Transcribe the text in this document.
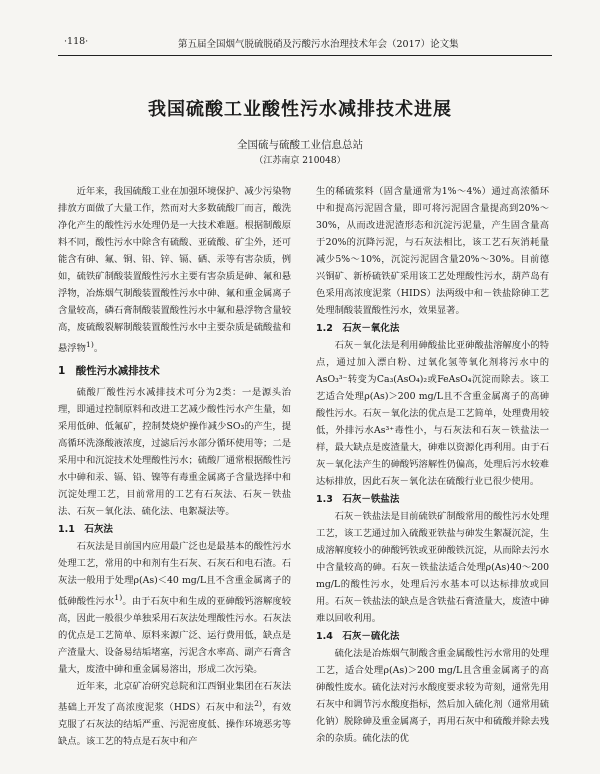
·118·	第五届全国烟气脱硫脱硝及污酸污水治理技术年会（2017）论文集
我国硫酸工业酸性污水减排技术进展
全国硫与硫酸工业信息总站
（江苏南京 210048）

近年来，我国硫酸工业在加强环境保护、减少污染物排放方面做了大量工作，然而对大多数硫酸厂而言，酸洗净化产生的酸性污水处理仍是一大技术难题。根据制酸原料不同，酸性污水中除含有硫酸、亚硫酸、矿尘外，还可能含有砷、氟、铜、铅、锌、镉、硒、汞等有害杂质，例如，硫铁矿制酸装置酸性污水主要有害杂质是砷、氟和悬浮物，冶炼烟气制酸装置酸性污水中砷、氟和重金属离子含量较高，磷石膏制酸装置酸性污水中氟和悬浮物含量较高，废硫酸裂解制酸装置酸性污水中主要杂质是硫酸盐和悬浮物$^{1)}$。

1　酸性污水减排技术

硫酸厂酸性污水减排技术可分为2类：一是源头治理，即通过控制原料和改进工艺减少酸性污水产生量，如采用低砷、低氟矿，控制焚烧炉操作减少SO₃的产生，提高循环洗涤酸液浓度，过滤后污水部分循环使用等；二是采用中和沉淀技术处理酸性污水；硫酸厂通常根据酸性污水中砷和汞、镉、铅、镍等有毒重金属离子含量选择中和沉淀处理工艺，目前常用的工艺有石灰法、石灰－铁盐法、石灰－氧化法、硫化法、电絮凝法等。

1.1　石灰法

石灰法是目前国内应用最广泛也是最基本的酸性污水处理工艺，常用的中和剂有生石灰、石灰石和电石渣。石灰法一般用于处理ρ(As)＜40 mg/L且不含重金属离子的低砷酸性污水$^{1)}$。由于石灰中和生成的亚砷酸钙溶解度较高，因此一般很少单独采用石灰法处理酸性污水。石灰法的优点是工艺简单、原料来源广泛、运行费用低，缺点是产渣量大、设备易结垢堵塞，污泥含水率高、副产石膏含量大，废渣中砷和重金属易溶出，形成二次污染。

近年来，北京矿冶研究总院和江西铜业集团在石灰法基础上开发了高浓度泥浆（HDS）石灰中和法$^{2)}$，有效克服了石灰法的结垢严重、污泥密度低、操作环境恶劣等缺点。该工艺的特点是石灰中和产

生的稀硫浆料（固含量通常为1%～4%）通过高浓循环中和提高污泥固含量，即可将污泥固含量提高到20%～30%，从而改进泥渣形态和沉淀污泥量，产生固含量高于20%的沉降污泥，与石灰法相比，该工艺石灰消耗量减少5%～10%，沉淀污泥固含量20%～30%。目前德兴铜矿、新桥硫铁矿采用该工艺处理酸性污水，葫芦岛有色采用高浓度泥浆（HIDS）法两级中和－铁盐除砷工艺处理制酸装置酸性污水，效果显著。

1.2　石灰－氧化法

石灰－氧化法是利用砷酸盐比亚砷酸盐溶解度小的特点，通过加入漂白粉、过氧化氢等氧化剂将污水中的AsO₃³⁻转变为Ca₃(AsO₄)₂或FeAsO₄沉淀而除去。该工艺适合处理ρ(As)＞200 mg/L且不含重金属离子的高砷酸性污水。石灰－氧化法的优点是工艺简单，处理费用较低，外排污水As³⁺毒性小，与石灰法和石灰－铁盐法一样，最大缺点是废渣量大，砷难以资源化再利用。由于石灰－氧化法产生的砷酸钙溶解性仍偏高，处理后污水较难达标排放，因此石灰－氧化法在硫酸行业已很少使用。

1.3　石灰－铁盐法

石灰－铁盐法是目前硫铁矿制酸常用的酸性污水处理工艺，该工艺通过加入硫酸亚铁盐与砷发生絮凝沉淀，生成溶解度较小的砷酸钙铁或亚砷酸铁沉淀，从而除去污水中含量较高的砷。石灰－铁盐法适合处理ρ(As)40～200 mg/L的酸性污水，处理后污水基本可以达标排放或回用。石灰－铁盐法的缺点是含铁盐石膏渣量大，废渣中砷难以回收利用。

1.4　石灰－硫化法

硫化法是冶炼烟气制酸含重金属酸性污水常用的处理工艺，适合处理ρ(As)＞200 mg/L且含重金属离子的高砷酸性废水。硫化法对污水酸度要求较为苛刻，通常先用石灰中和调节污水酸度指标，然后加入硫化剂（通常用硫化钠）脱除砷及重金属离子，再用石灰中和硫酸并除去残余的杂质。硫化法的优
